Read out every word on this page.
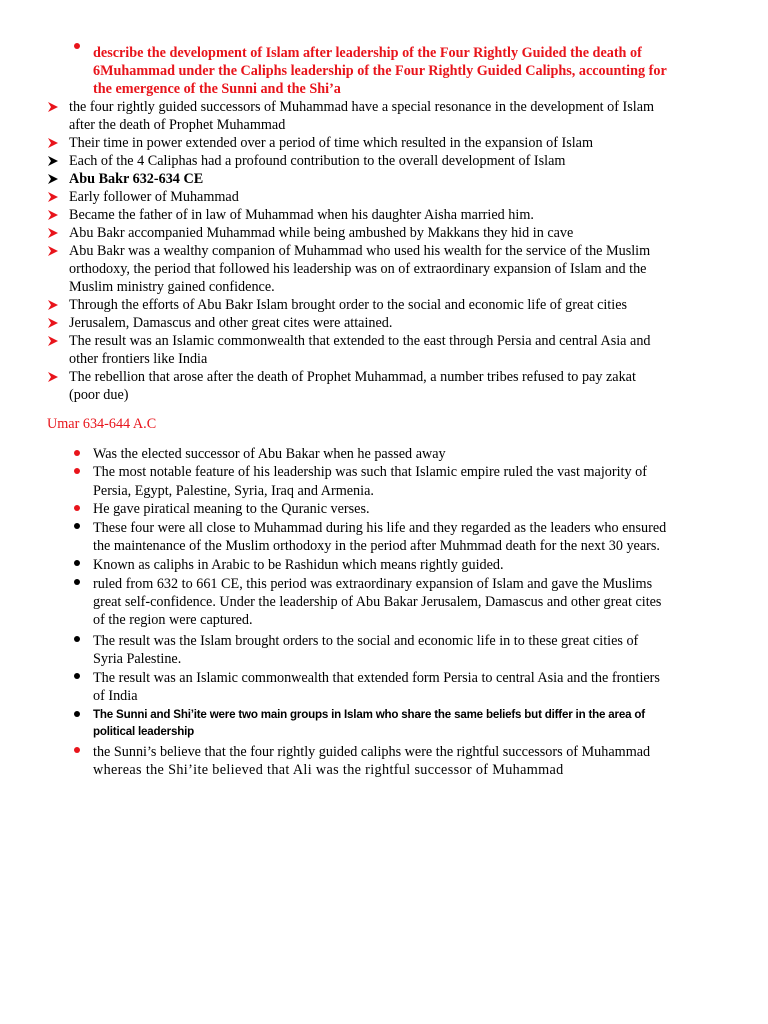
describe the development of Islam after leadership of the Four Rightly Guided the death of
6Muhammad under the Caliphs leadership of the Four Rightly Guided Caliphs, accounting for
the emergence of the Sunni and the Shi’a
the four rightly guided successors of Muhammad have a special resonance in the development of Islam
after the death of Prophet Muhammad
Their time in power extended over a period of time which resulted in the expansion of Islam
Each of the 4 Caliphas had a profound contribution to the overall development of Islam
Abu Bakr 632-634 CE
Early follower of Muhammad
Became the father of in law of Muhammad when his daughter Aisha married him.
Abu Bakr accompanied Muhammad while being ambushed by Makkans they hid in cave
Abu Bakr was a wealthy companion of Muhammad who used his wealth for the service of the Muslim
orthodoxy, the period that followed his leadership was on of extraordinary expansion of Islam and the
Muslim ministry gained confidence.
Through the efforts of Abu Bakr Islam brought order to the social and economic life of great cities
Jerusalem, Damascus and other great cites were attained.
The result was an Islamic commonwealth that extended to the east through Persia and central Asia and
other frontiers like India
The rebellion that arose after the death of Prophet Muhammad, a number tribes refused to pay zakat
(poor due)
Umar 634-644 A.C
Was the elected successor of Abu Bakar when he passed away
The most notable feature of his leadership was such that Islamic empire ruled the vast majority of
Persia, Egypt, Palestine, Syria, Iraq and Armenia.
He gave piratical meaning to the Quranic verses.
These four were all close to Muhammad during his life and they regarded as the leaders who ensured
the maintenance of the Muslim orthodoxy in the period after Muhmmad death for the next 30 years.
Known as caliphs in Arabic to be Rashidun which means rightly guided.
ruled from 632 to 661 CE, this period was extraordinary expansion of Islam and gave the Muslims
great self-confidence. Under the leadership of Abu Bakar Jerusalem, Damascus and other great cites
of the region were captured.
The result was the Islam brought orders to the social and economic life in to these great cities of
Syria Palestine.
The result was an Islamic commonwealth that extended form Persia to central Asia and the frontiers
of India
The Sunni and Shi’ite were two main groups in Islam who share the same beliefs but differ in the area of
political leadership
the Sunni’s believe that the four rightly guided caliphs were the rightful successors of Muhammad
whereas the Shi’ite believed that Ali was the rightful successor of Muhammad
